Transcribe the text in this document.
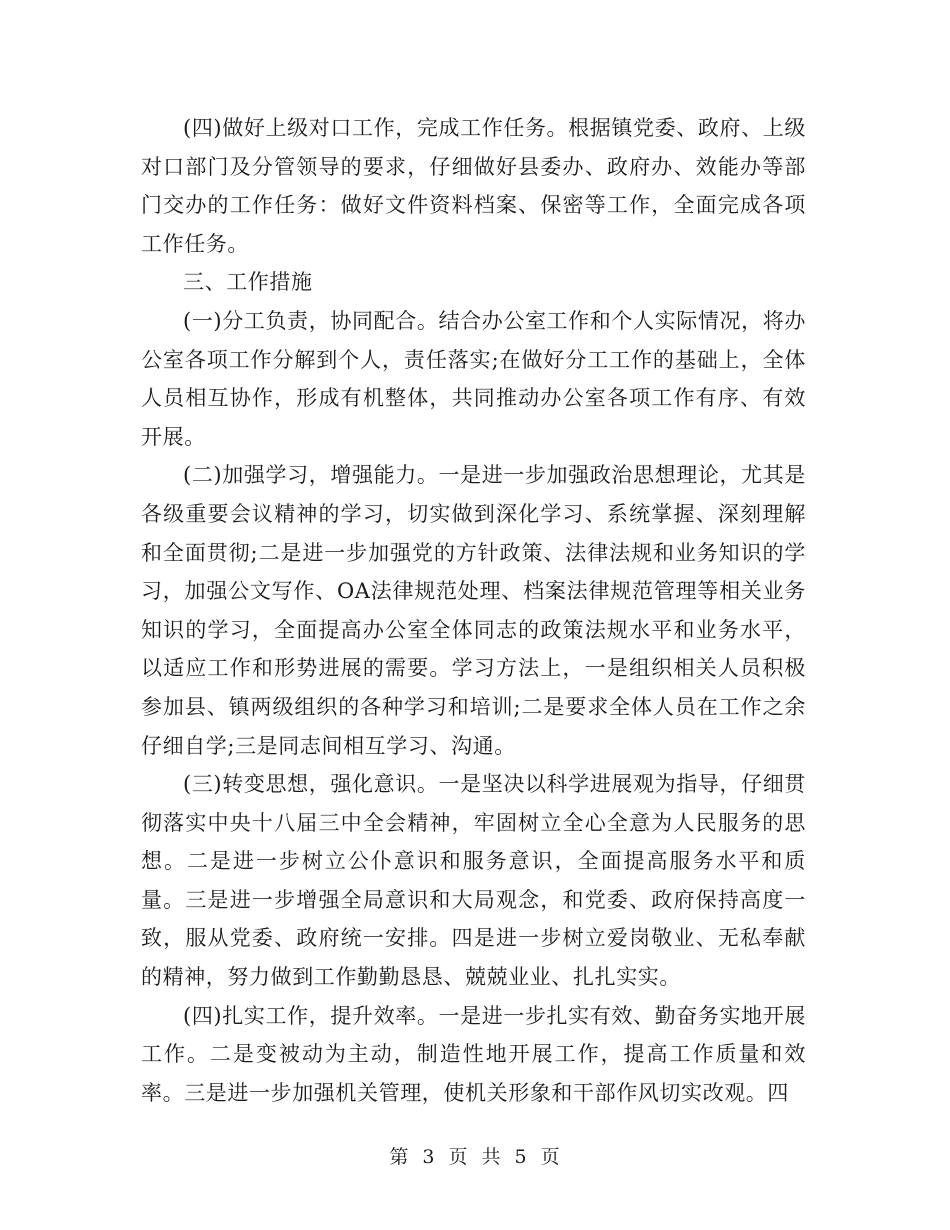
(四)做好上级对口工作，完成工作任务。根据镇党委、政府、上级对口部门及分管领导的要求，仔细做好县委办、政府办、效能办等部门交办的工作任务：做好文件资料档案、保密等工作，全面完成各项工作任务。

三、工作措施

(一)分工负责，协同配合。结合办公室工作和个人实际情况，将办公室各项工作分解到个人，责任落实;在做好分工工作的基础上，全体人员相互协作，形成有机整体，共同推动办公室各项工作有序、有效开展。

(二)加强学习，增强能力。一是进一步加强政治思想理论，尤其是各级重要会议精神的学习，切实做到深化学习、系统掌握、深刻理解和全面贯彻;二是进一步加强党的方针政策、法律法规和业务知识的学习，加强公文写作、OA法律规范处理、档案法律规范管理等相关业务知识的学习，全面提高办公室全体同志的政策法规水平和业务水平，以适应工作和形势进展的需要。学习方法上，一是组织相关人员积极参加县、镇两级组织的各种学习和培训;二是要求全体人员在工作之余仔细自学;三是同志间相互学习、沟通。

(三)转变思想，强化意识。一是坚决以科学进展观为指导，仔细贯彻落实中央十八届三中全会精神，牢固树立全心全意为人民服务的思想。二是进一步树立公仆意识和服务意识，全面提高服务水平和质量。三是进一步增强全局意识和大局观念，和党委、政府保持高度一致，服从党委、政府统一安排。四是进一步树立爱岗敬业、无私奉献的精神，努力做到工作勤勤恳恳、兢兢业业、扎扎实实。

(四)扎实工作，提升效率。一是进一步扎实有效、勤奋务实地开展工作。二是变被动为主动，制造性地开展工作，提高工作质量和效率。三是进一步加强机关管理，使机关形象和干部作风切实改观。四

第 3 页 共 5 页
